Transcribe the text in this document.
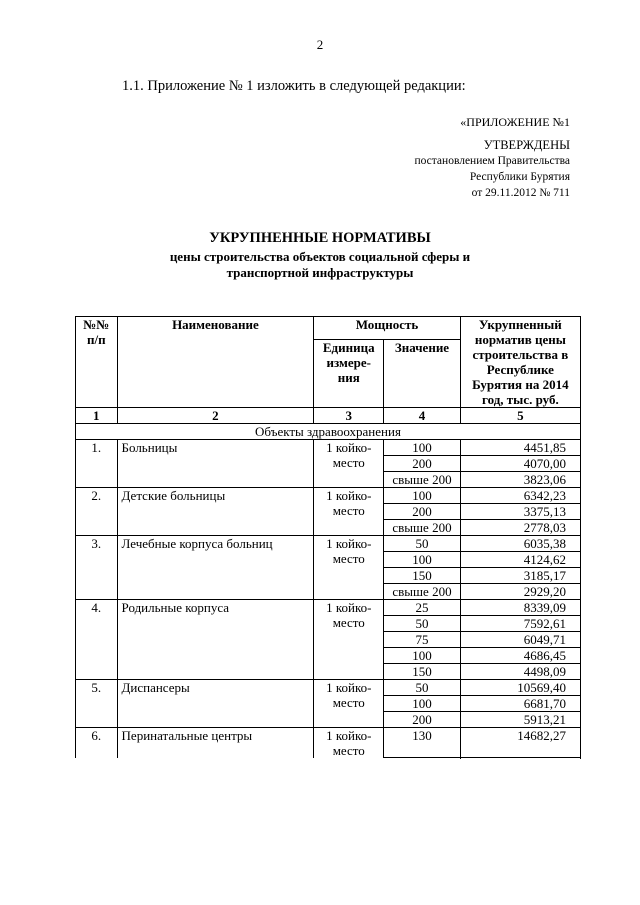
2
1.1. Приложение № 1 изложить в следующей редакции:
«ПРИЛОЖЕНИЕ №1
УТВЕРЖДЕНЫ
постановлением Правительства
Республики Бурятия
от 29.11.2012 № 711
УКРУПНЕННЫЕ НОРМАТИВЫ
цены строительства объектов социальной сферы и
транспортной инфраструктуры
№№ п/п	Наименование	Мощность		Укрупненный норматив цены строительства в Республике Бурятия на 2014 год, тыс. руб.
		Единица измере-ния	Значение	
1	2	3	4	5
Объекты здравоохранения				
1.	Больницы	1 койко-место	100	4451,85
			200	4070,00
			свыше 200	3823,06
2.	Детские больницы	1 койко-место	100	6342,23
			200	3375,13
			свыше 200	2778,03
3.	Лечебные корпуса больниц	1 койко-место	50	6035,38
			100	4124,62
			150	3185,17
			свыше 200	2929,20
4.	Родильные корпуса	1 койко-место	25	8339,09
			50	7592,61
			75	6049,71
			100	4686,45
			150	4498,09
5.	Диспансеры	1 койко-место	50	10569,40
			100	6681,70
			200	5913,21
6.	Перинатальные центры	1 койко-место	130	14682,27
